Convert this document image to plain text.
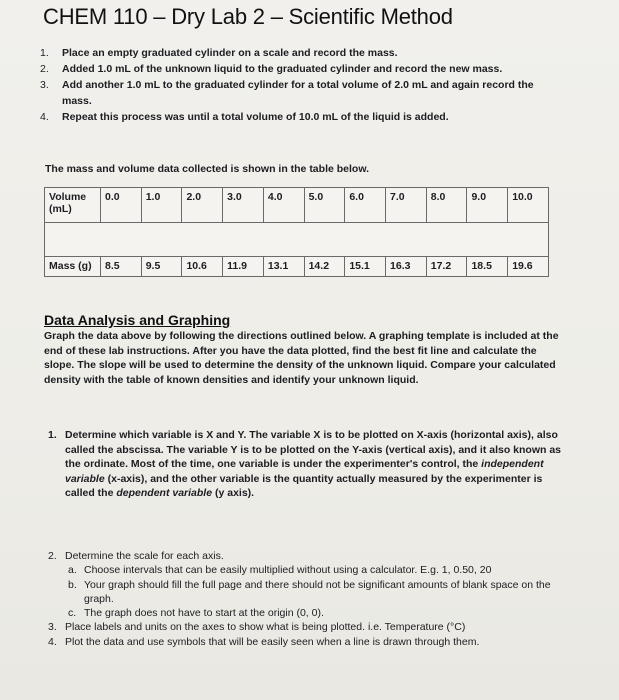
CHEM 110 – Dry Lab 2 – Scientific Method
1. Place an empty graduated cylinder on a scale and record the mass.
2. Added 1.0 mL of the unknown liquid to the graduated cylinder and record the new mass.
3. Add another 1.0 mL to the graduated cylinder for a total volume of 2.0 mL and again record the mass.
4. Repeat this process was until a total volume of 10.0 mL of the liquid is added.
The mass and volume data collected is shown in the table below.
Volume (mL)	0.0	1.0	2.0	3.0	4.0	5.0	6.0	7.0	8.0	9.0	10.0

Mass (g)	8.5	9.5	10.6	11.9	13.1	14.2	15.1	16.3	17.2	18.5	19.6
Data Analysis and Graphing
Graph the data above by following the directions outlined below. A graphing template is included at the end of these lab instructions. After you have the data plotted, find the best fit line and calculate the slope. The slope will be used to determine the density of the unknown liquid. Compare your calculated density with the table of known densities and identify your unknown liquid.
1. Determine which variable is X and Y. The variable X is to be plotted on X-axis (horizontal axis), also called the abscissa. The variable Y is to be plotted on the Y-axis (vertical axis), and it also known as the ordinate. Most of the time, one variable is under the experimenter's control, the independent variable (x-axis), and the other variable is the quantity actually measured by the experimenter is called the dependent variable (y axis).
2. Determine the scale for each axis.
a. Choose intervals that can be easily multiplied without using a calculator. E.g. 1, 0.50, 20
b. Your graph should fill the full page and there should not be significant amounts of blank space on the graph.
c. The graph does not have to start at the origin (0, 0).
3. Place labels and units on the axes to show what is being plotted. i.e. Temperature (°C)
4. Plot the data and use symbols that will be easily seen when a line is drawn through them.
